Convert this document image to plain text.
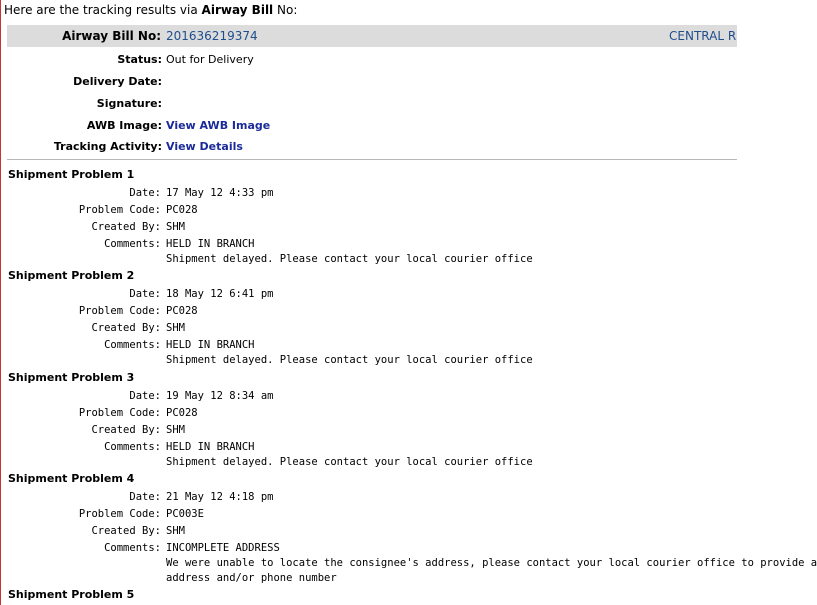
Here are the tracking results via Airway Bill No:
Airway Bill No: 201636219374	CENTRAL R
Status: Out for Delivery
Delivery Date:
Signature:
AWB Image: View AWB Image
Tracking Activity: View Details
Shipment Problem 1
Date: 17 May 12 4:33 pm
Problem Code: PC028
Created By: SHM
Comments: HELD IN BRANCH
Shipment delayed. Please contact your local courier office
Shipment Problem 2
Date: 18 May 12 6:41 pm
Problem Code: PC028
Created By: SHM
Comments: HELD IN BRANCH
Shipment delayed. Please contact your local courier office
Shipment Problem 3
Date: 19 May 12 8:34 am
Problem Code: PC028
Created By: SHM
Comments: HELD IN BRANCH
Shipment delayed. Please contact your local courier office
Shipment Problem 4
Date: 21 May 12 4:18 pm
Problem Code: PC003E
Created By: SHM
Comments: INCOMPLETE ADDRESS
We were unable to locate the consignee's address, please contact your local courier office to provide a
address and/or phone number
Shipment Problem 5
